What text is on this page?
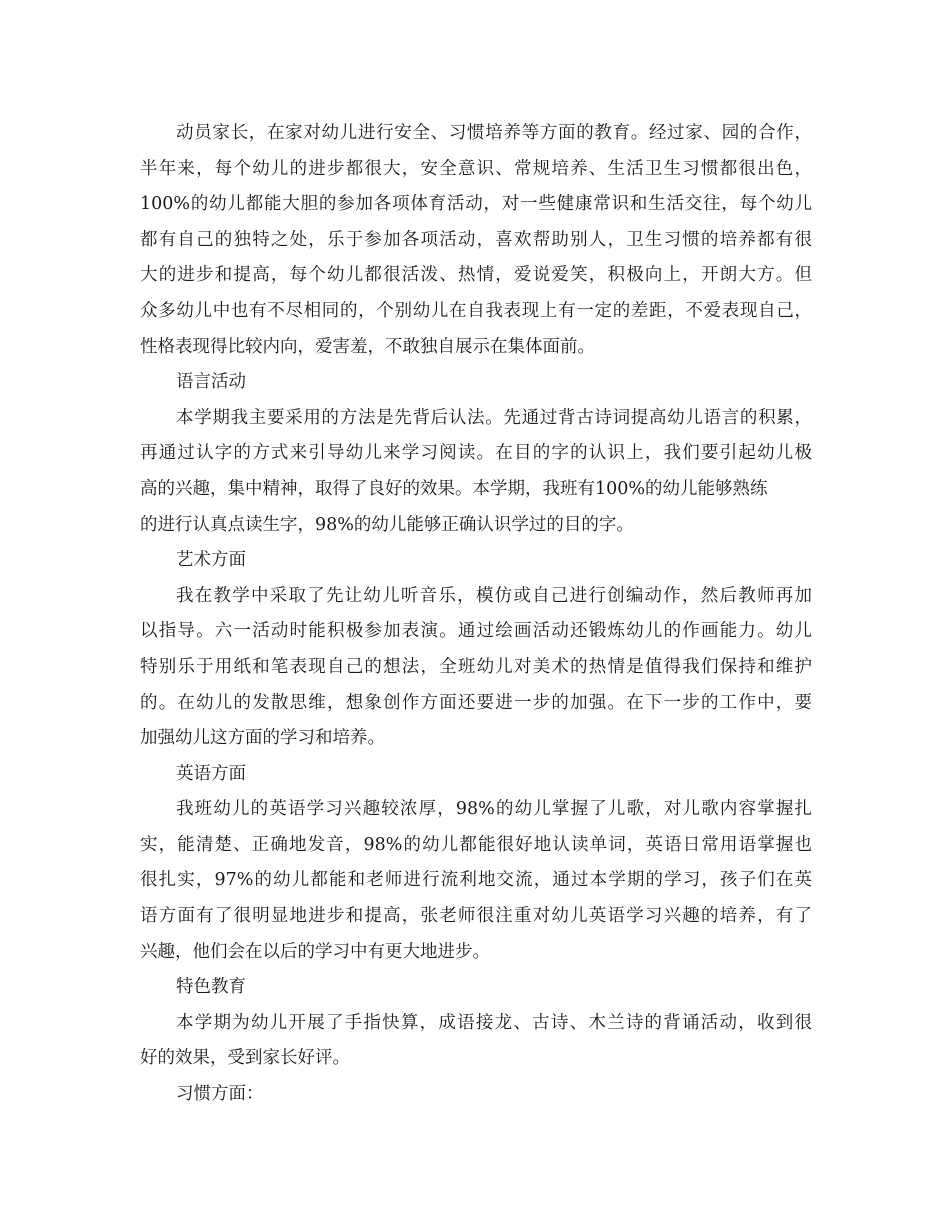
动员家长，在家对幼儿进行安全、习惯培养等方面的教育。经过家、园的合作，
半年来，每个幼儿的进步都很大，安全意识、常规培养、生活卫生习惯都很出色，
100%的幼儿都能大胆的参加各项体育活动，对一些健康常识和生活交往，每个幼儿
都有自己的独特之处，乐于参加各项活动，喜欢帮助别人，卫生习惯的培养都有很
大的进步和提高，每个幼儿都很活泼、热情，爱说爱笑，积极向上，开朗大方。但
众多幼儿中也有不尽相同的，个别幼儿在自我表现上有一定的差距，不爱表现自己，
性格表现得比较内向，爱害羞，不敢独自展示在集体面前。
语言活动
本学期我主要采用的方法是先背后认法。先通过背古诗词提高幼儿语言的积累，
再通过认字的方式来引导幼儿来学习阅读。在目的字的认识上，我们要引起幼儿极
高的兴趣，集中精神，取得了良好的效果。本学期，我班有100%的幼儿能够熟练
的进行认真点读生字，98%的幼儿能够正确认识学过的目的字。
艺术方面
我在教学中采取了先让幼儿听音乐，模仿或自己进行创编动作，然后教师再加
以指导。六一活动时能积极参加表演。通过绘画活动还锻炼幼儿的作画能力。幼儿
特别乐于用纸和笔表现自己的想法，全班幼儿对美术的热情是值得我们保持和维护
的。在幼儿的发散思维，想象创作方面还要进一步的加强。在下一步的工作中，要
加强幼儿这方面的学习和培养。
英语方面
我班幼儿的英语学习兴趣较浓厚，98%的幼儿掌握了儿歌，对儿歌内容掌握扎
实，能清楚、正确地发音，98%的幼儿都能很好地认读单词，英语日常用语掌握也
很扎实，97%的幼儿都能和老师进行流利地交流，通过本学期的学习，孩子们在英
语方面有了很明显地进步和提高，张老师很注重对幼儿英语学习兴趣的培养，有了
兴趣，他们会在以后的学习中有更大地进步。
特色教育
本学期为幼儿开展了手指快算，成语接龙、古诗、木兰诗的背诵活动，收到很
好的效果，受到家长好评。
习惯方面：
